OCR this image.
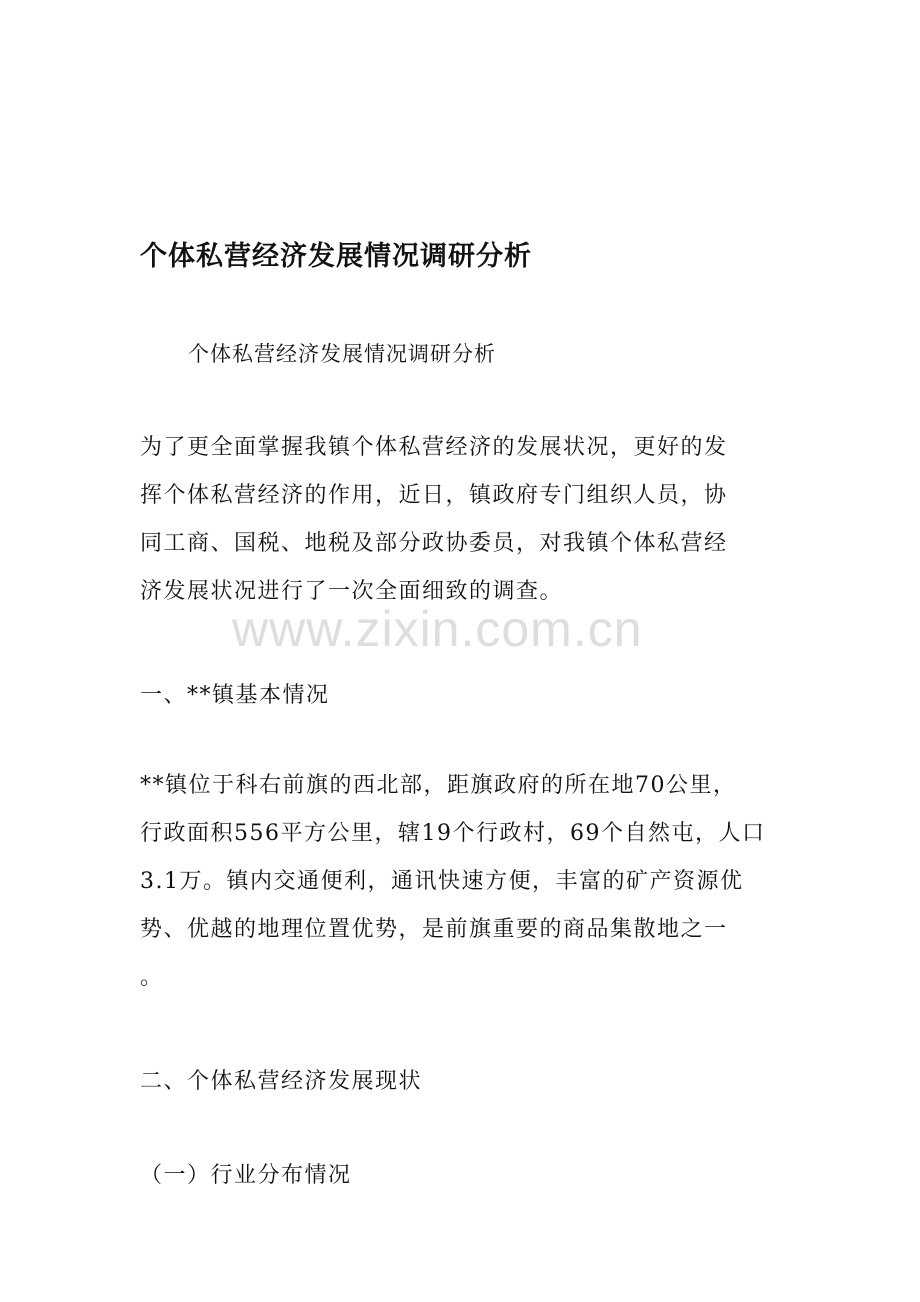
个体私营经济发展情况调研分析
个体私营经济发展情况调研分析
为了更全面掌握我镇个体私营经济的发展状况，更好的发
挥个体私营经济的作用，近日，镇政府专门组织人员，协
同工商、国税、地税及部分政协委员，对我镇个体私营经
济发展状况进行了一次全面细致的调查。
www.zixin.com.cn
一、**镇基本情况
**镇位于科右前旗的西北部，距旗政府的所在地70公里，
行政面积556平方公里，辖19个行政村，69个自然屯，人口
3.1万。镇内交通便利，通讯快速方便，丰富的矿产资源优
势、优越的地理位置优势，是前旗重要的商品集散地之一
。
二、个体私营经济发展现状
（一）行业分布情况
